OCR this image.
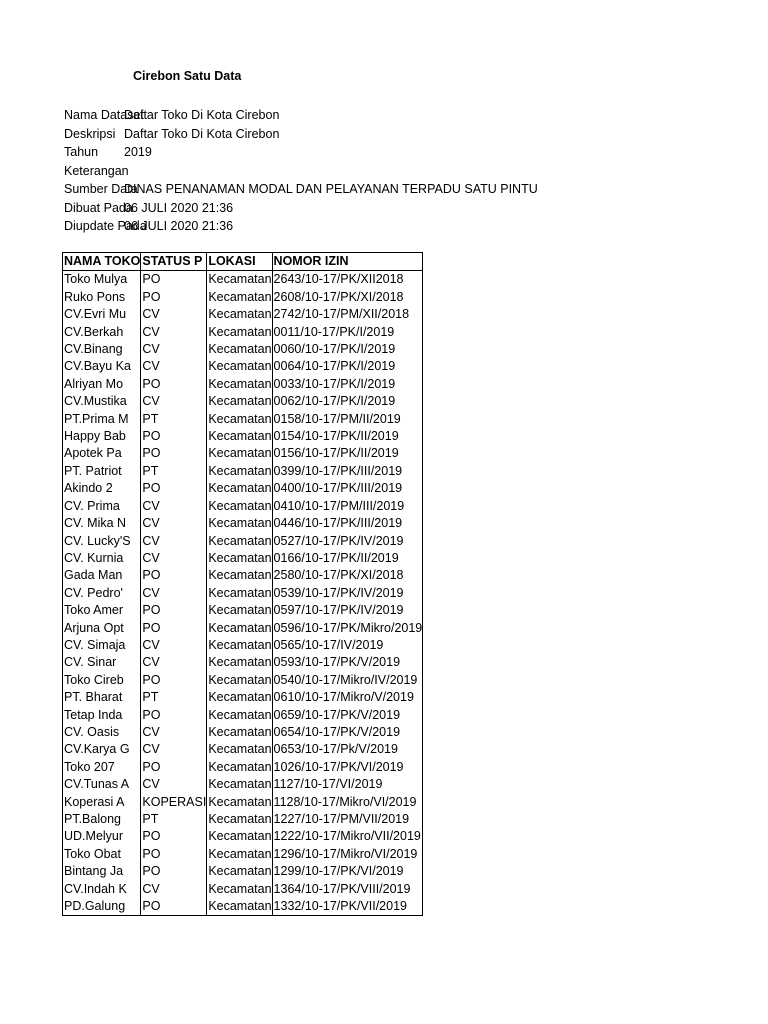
Cirebon Satu Data
Nama Dataset
Daftar Toko Di Kota Cirebon
Deskripsi Daftar Toko Di Kota Cirebon
Tahun	2019
Keterangan
Sumber Data
DINAS PENANAMAN MODAL DAN PELAYANAN TERPADU SATU PINTU
Dibuat Pada
06 JULI 2020 21:36
Diupdate Pada
06 JULI 2020 21:36
NAMA TOKO	STATUS P	LOKASI	NOMOR IZIN

Toko Mulya	PO	Kecamatan	2643/10-17/PK/XII2018

Ruko Pons	PO	Kecamatan	2608/10-17/PK/XI/2018

CV.Evri Mu	CV	Kecamatan	2742/10-17/PM/XII/2018

CV.Berkah	CV	Kecamatan	0011/10-17/PK/I/2019

CV.Binang	CV	Kecamatan	0060/10-17/PK/I/2019

CV.Bayu Ka	CV	Kecamatan	0064/10-17/PK/I/2019

Alriyan Mo	PO	Kecamatan	0033/10-17/PK/I/2019

CV.Mustika	CV	Kecamatan	0062/10-17/PK/I/2019

PT.Prima M	PT	Kecamatan	0158/10-17/PM/II/2019

Happy Bab	PO	Kecamatan	0154/10-17/PK/II/2019

Apotek Pa	PO	Kecamatan	0156/10-17/PK/II/2019

PT. Patriot	PT	Kecamatan	0399/10-17/PK/III/2019

Akindo 2	PO	Kecamatan	0400/10-17/PK/III/2019

CV. Prima	CV	Kecamatan	0410/10-17/PM/III/2019

CV. Mika N	CV	Kecamatan	0446/10-17/PK/III/2019

CV. Lucky'S	CV	Kecamatan	0527/10-17/PK/IV/2019

CV. Kurnia	CV	Kecamatan	0166/10-17/PK/II/2019

Gada Man	PO	Kecamatan	2580/10-17/PK/XI/2018

CV. Pedro'	CV	Kecamatan	0539/10-17/PK/IV/2019

Toko Amer	PO	Kecamatan	0597/10-17/PK/IV/2019

Arjuna Opt	PO	Kecamatan	0596/10-17/PK/Mikro/2019

CV. Simaja	CV	Kecamatan	0565/10-17/IV/2019

CV. Sinar	CV	Kecamatan	0593/10-17/PK/V/2019

Toko Cireb	PO	Kecamatan	0540/10-17/Mikro/IV/2019

PT. Bharat	PT	Kecamatan	0610/10-17/Mikro/V/2019

Tetap Inda	PO	Kecamatan	0659/10-17/PK/V/2019

CV. Oasis	CV	Kecamatan	0654/10-17/PK/V/2019

CV.Karya G	CV	Kecamatan	0653/10-17/Pk/V/2019

Toko 207	PO	Kecamatan	1026/10-17/PK/VI/2019

CV.Tunas A	CV	Kecamatan	1127/10-17/VI/2019

Koperasi A	KOPERASI	Kecamatan	1128/10-17/Mikro/VI/2019

PT.Balong	PT	Kecamatan	1227/10-17/PM/VII/2019

UD.Melyur	PO	Kecamatan	1222/10-17/Mikro/VII/2019

Toko Obat	PO	Kecamatan	1296/10-17/Mikro/VI/2019

Bintang Ja	PO	Kecamatan	1299/10-17/PK/VI/2019

CV.Indah K	CV	Kecamatan	1364/10-17/PK/VIII/2019

PD.Galung	PO	Kecamatan	1332/10-17/PK/VII/2019
